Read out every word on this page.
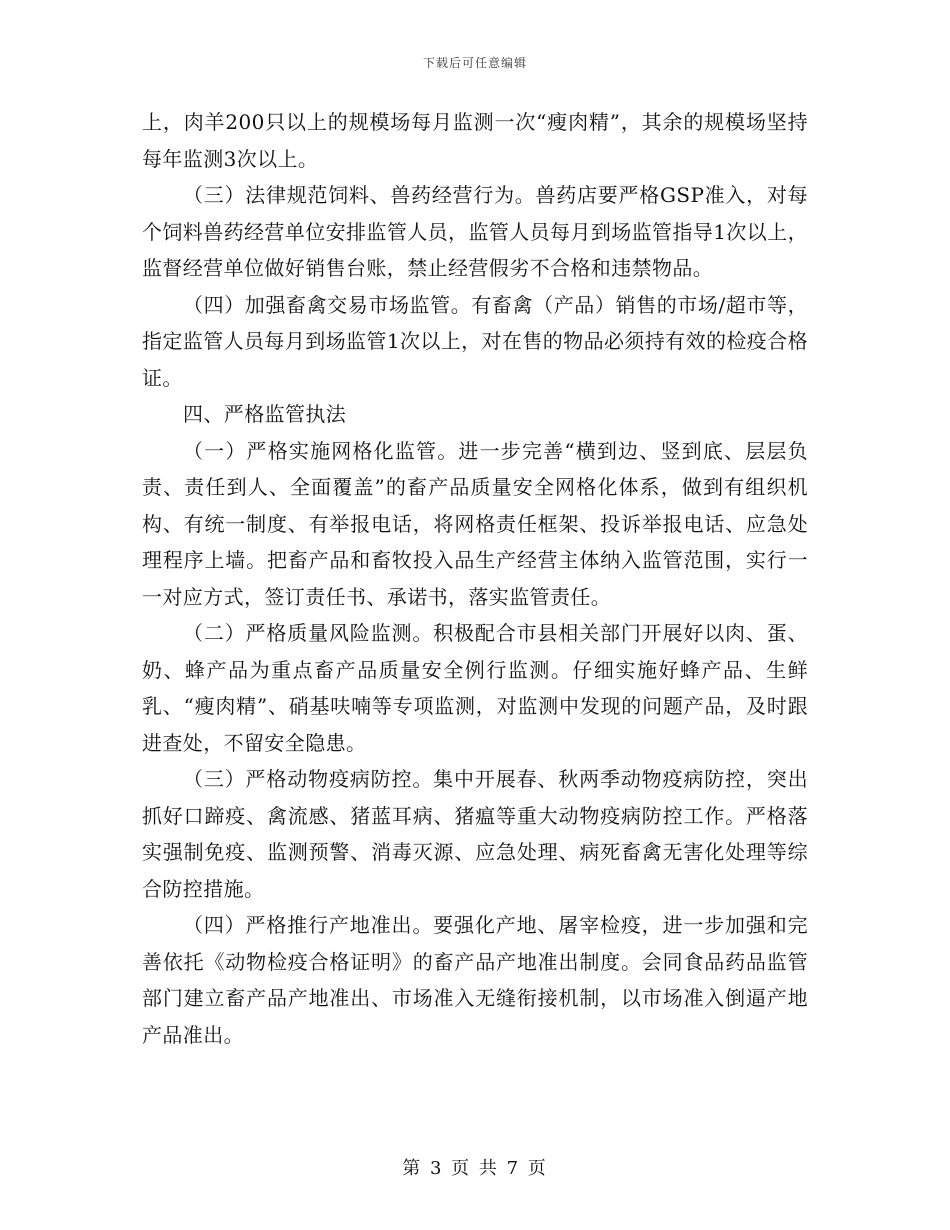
下载后可任意编辑

上，肉羊200只以上的规模场每月监测一次“瘦肉精”，其余的规模场坚持每年监测3次以上。

（三）法律规范饲料、兽药经营行为。兽药店要严格GSP准入，对每个饲料兽药经营单位安排监管人员，监管人员每月到场监管指导1次以上，监督经营单位做好销售台账，禁止经营假劣不合格和违禁物品。

（四）加强畜禽交易市场监管。有畜禽（产品）销售的市场/超市等，指定监管人员每月到场监管1次以上，对在售的物品必须持有效的检疫合格证。

四、严格监管执法

（一）严格实施网格化监管。进一步完善“横到边、竖到底、层层负责、责任到人、全面覆盖”的畜产品质量安全网格化体系，做到有组织机构、有统一制度、有举报电话，将网格责任框架、投诉举报电话、应急处理程序上墙。把畜产品和畜牧投入品生产经营主体纳入监管范围，实行一一对应方式，签订责任书、承诺书，落实监管责任。

（二）严格质量风险监测。积极配合市县相关部门开展好以肉、蛋、奶、蜂产品为重点畜产品质量安全例行监测。仔细实施好蜂产品、生鲜乳、“瘦肉精”、硝基呋喃等专项监测，对监测中发现的问题产品，及时跟进查处，不留安全隐患。

（三）严格动物疫病防控。集中开展春、秋两季动物疫病防控，突出抓好口蹄疫、禽流感、猪蓝耳病、猪瘟等重大动物疫病防控工作。严格落实强制免疫、监测预警、消毒灭源、应急处理、病死畜禽无害化处理等综合防控措施。

（四）严格推行产地准出。要强化产地、屠宰检疫，进一步加强和完善依托《动物检疫合格证明》的畜产品产地准出制度。会同食品药品监管部门建立畜产品产地准出、市场准入无缝衔接机制，以市场准入倒逼产地产品准出。

第 3 页 共 7 页
